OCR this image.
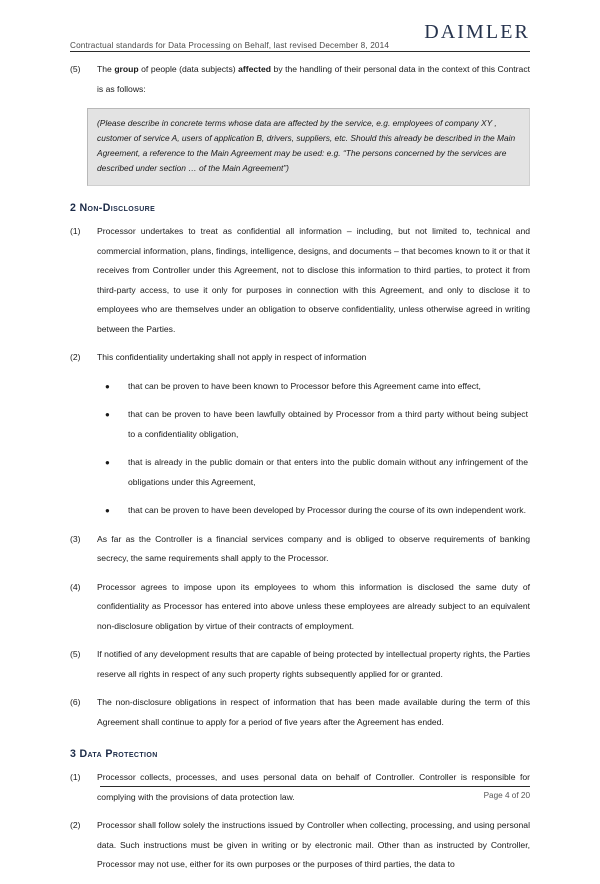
Contractual standards for Data Processing on Behalf, last revised December 8, 2014
DAIMLER
(5)	The group of people (data subjects) affected by the handling of their personal data in the context of this Contract is as follows:
(Please describe in concrete terms whose data are affected by the service, e.g. employees of company XY , customer of service A, users of application B, drivers, suppliers, etc. Should this already be described in the Main Agreement, a reference to the Main Agreement may be used: e.g. “The persons concerned by the services are described under section … of the Main Agreement”)
2 Non-Disclosure
(1)	Processor undertakes to treat as confidential all information – including, but not limited to, technical and commercial information, plans, findings, intelligence, designs, and documents – that becomes known to it or that it receives from Controller under this Agreement, not to disclose this information to third parties, to protect it from third-party access, to use it only for purposes in connection with this Agreement, and only to disclose it to employees who are themselves under an obligation to observe confidentiality, unless otherwise agreed in writing between the Parties.
(2)	This confidentiality undertaking shall not apply in respect of information
●	that can be proven to have been known to Processor before this Agreement came into effect,
●	that can be proven to have been lawfully obtained by Processor from a third party without being subject to a confidentiality obligation,
●	that is already in the public domain or that enters into the public domain without any infringement of the obligations under this Agreement,
●	that can be proven to have been developed by Processor during the course of its own independent work.
(3)	As far as the Controller is a financial services company and is obliged to observe requirements of banking secrecy, the same requirements shall apply to the Processor.
(4)	Processor agrees to impose upon its employees to whom this information is disclosed the same duty of confidentiality as Processor has entered into above unless these employees are already subject to an equivalent non-disclosure obligation by virtue of their contracts of employment.
(5)	If notified of any development results that are capable of being protected by intellectual property rights, the Parties reserve all rights in respect of any such property rights subsequently applied for or granted.
(6)	The non-disclosure obligations in respect of information that has been made available during the term of this Agreement shall continue to apply for a period of five years after the Agreement has ended.
3 Data Protection
(1)	Processor collects, processes, and uses personal data on behalf of Controller. Controller is responsible for complying with the provisions of data protection law.
(2)	Processor shall follow solely the instructions issued by Controller when collecting, processing, and using personal data. Such instructions must be given in writing or by electronic mail. Other than as instructed by Controller, Processor may not use, either for its own purposes or the purposes of third parties, the data to
Page 4 of 20
